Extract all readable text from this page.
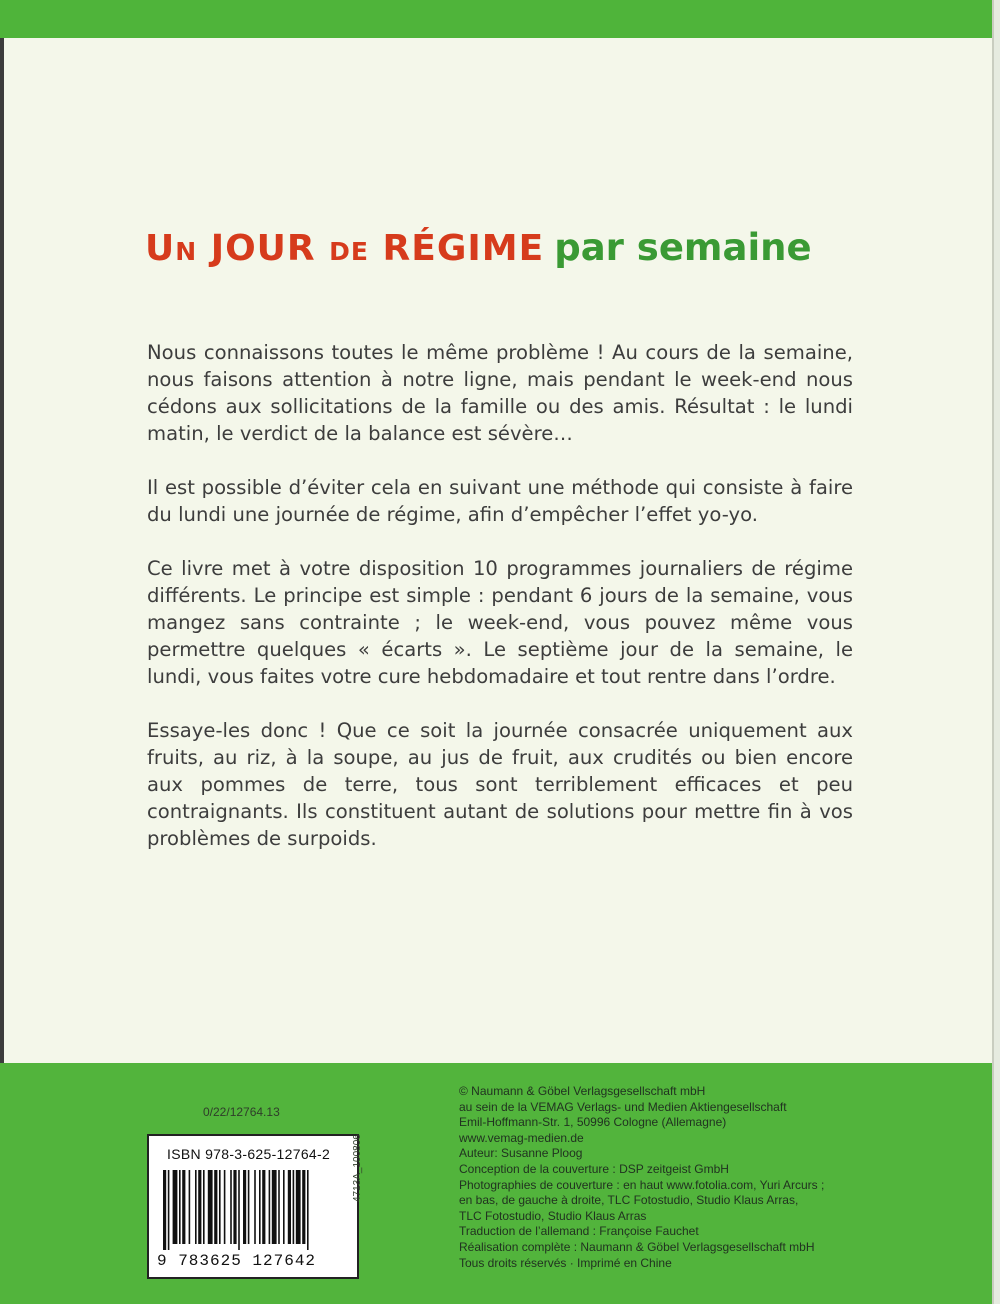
Un JOUR de RÉGIME par semaine

Nous connaissons toutes le même problème ! Au cours de la semaine, nous faisons attention à notre ligne, mais pendant le week-end nous cédons aux sollicitations de la famille ou des amis. Résultat : le lundi matin, le verdict de la balance est sévère…

Il est possible d’éviter cela en suivant une méthode qui consiste à faire du lundi une journée de régime, afin d’empêcher l’effet yo-yo.

Ce livre met à votre disposition 10 programmes journaliers de régime différents. Le principe est simple : pendant 6 jours de la semaine, vous mangez sans contrainte ; le week-end, vous pouvez même vous permettre quelques « écarts ». Le septième jour de la semaine, le lundi, vous faites votre cure hebdomadaire et tout rentre dans l’ordre.

Essaye-les donc ! Que ce soit la journée consacrée uniquement aux fruits, au riz, à la soupe, au jus de fruit, aux crudités ou bien encore aux pommes de terre, tous sont terriblement efficaces et peu contraignants. Ils constituent autant de solutions pour mettre fin à vos problèmes de surpoids.

0/22/12764.13
ISBN 978-3-625-12764-2
9 783625 127642
4713A_100806
© Naumann & Göbel Verlagsgesellschaft mbH
au sein de la VEMAG Verlags- und Medien Aktiengesellschaft
Emil-Hoffmann-Str. 1, 50996 Cologne (Allemagne)
www.vemag-medien.de
Auteur: Susanne Ploog
Conception de la couverture : DSP zeitgeist GmbH
Photographies de couverture : en haut www.fotolia.com, Yuri Arcurs ;
en bas, de gauche à droite, TLC Fotostudio, Studio Klaus Arras,
TLC Fotostudio, Studio Klaus Arras
Traduction de l’allemand : Françoise Fauchet
Réalisation complète : Naumann & Göbel Verlagsgesellschaft mbH
Tous droits réservés · Imprimé en Chine
